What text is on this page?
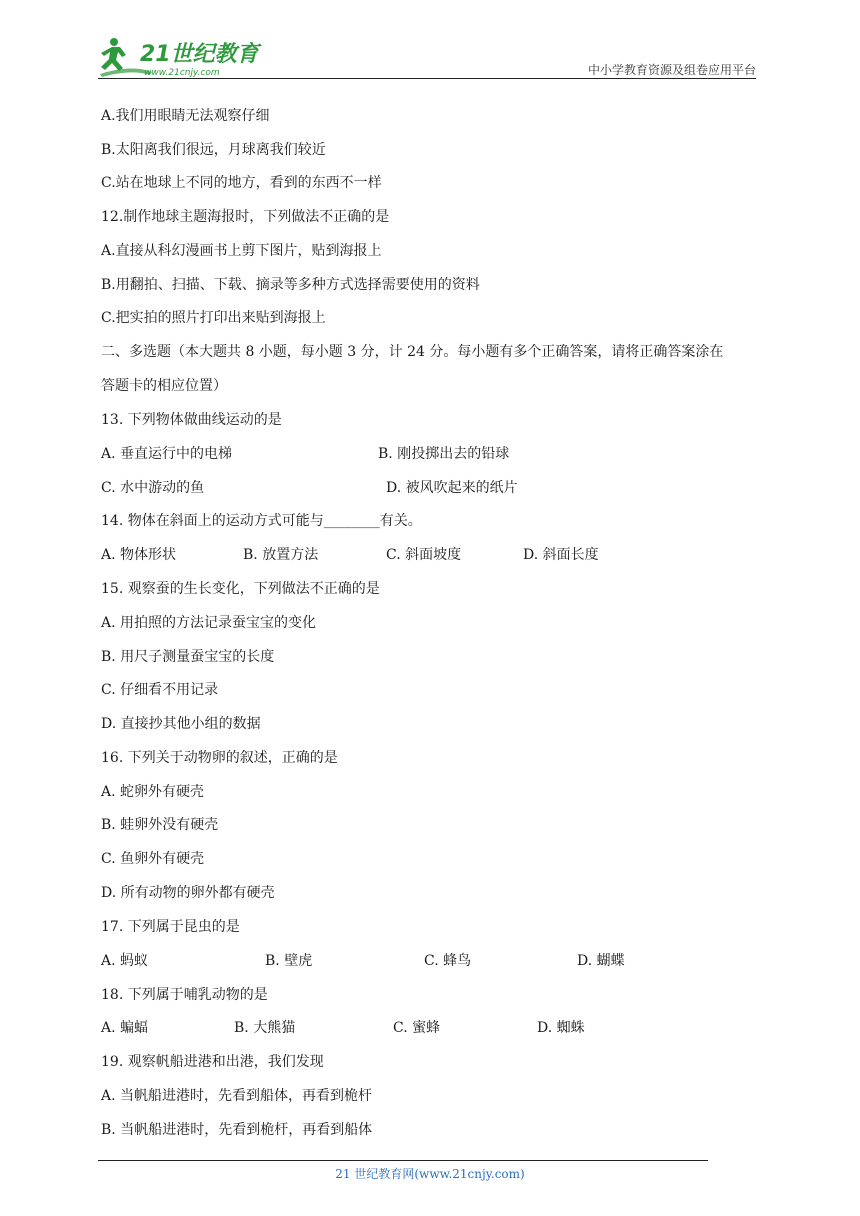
21世纪教育
www.21cnjy.com	中小学教育资源及组卷应用平台
A.我们用眼睛无法观察仔细
B.太阳离我们很远，月球离我们较近
C.站在地球上不同的地方，看到的东西不一样
12.制作地球主题海报时，下列做法不正确的是
A.直接从科幻漫画书上剪下图片，贴到海报上
B.用翻拍、扫描、下载、摘录等多种方式选择需要使用的资料
C.把实拍的照片打印出来贴到海报上
二、多选题（本大题共 8 小题，每小题 3 分，计 24 分。每小题有多个正确答案，请将正确答案涂在
答题卡的相应位置）
13. 下列物体做曲线运动的是
14. 物体在斜面上的运动方式可能与________有关。
15. 观察蚕的生长变化，下列做法不正确的是
A. 用拍照的方法记录蚕宝宝的变化
B. 用尺子测量蚕宝宝的长度
C. 仔细看不用记录
D. 直接抄其他小组的数据
16. 下列关于动物卵的叙述，正确的是
A. 蛇卵外有硬壳
B. 蛙卵外没有硬壳
C. 鱼卵外有硬壳
D. 所有动物的卵外都有硬壳
17. 下列属于昆虫的是
18. 下列属于哺乳动物的是
19. 观察帆船进港和出港，我们发现
A. 当帆船进港时，先看到船体，再看到桅杆
B. 当帆船进港时，先看到桅杆，再看到船体
A. 垂直运行中的电梯	B. 刚投掷出去的铅球
C. 水中游动的鱼	D. 被风吹起来的纸片
A. 物体形状	B. 放置方法	C. 斜面坡度	D. 斜面长度
A. 蚂蚁	B. 壁虎	C. 蜂鸟	D. 蝴蝶
A. 蝙蝠	B. 大熊猫	C. 蜜蜂	D. 蜘蛛
21 世纪教育网(www.21cnjy.com)
